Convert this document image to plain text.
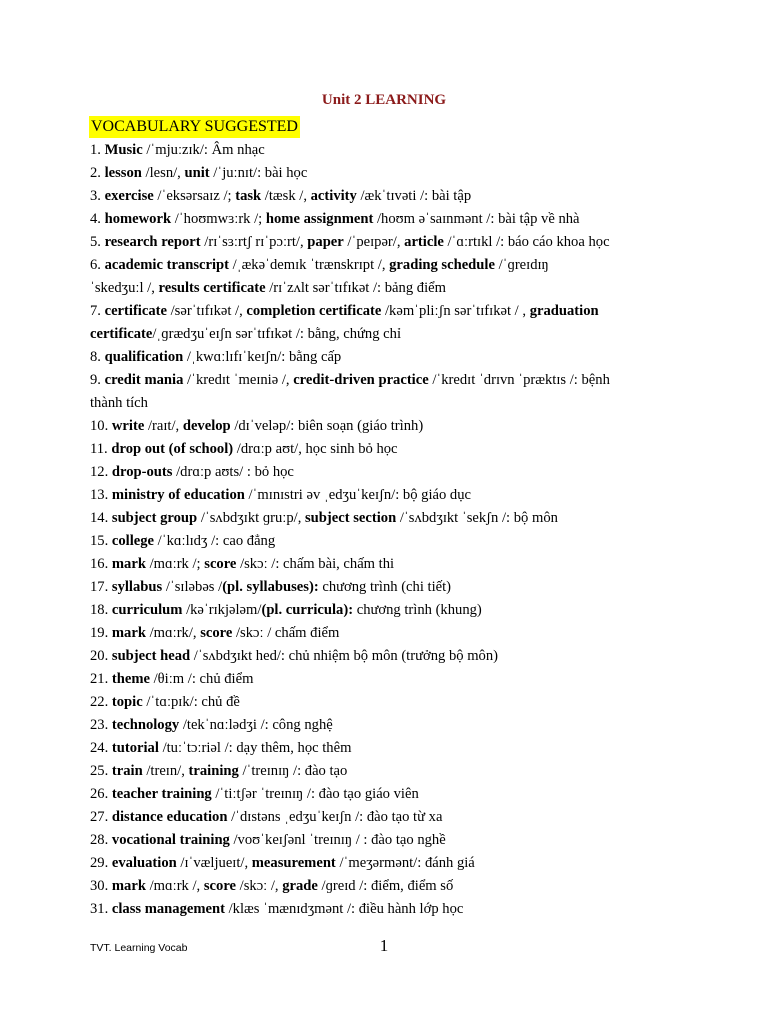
Unit 2 LEARNING
VOCABULARY SUGGESTED
1. Music /ˈmjuːzɪk/: Âm nhạc
2. lesson /lesn/, unit /ˈjuːnɪt/: bài học
3. exercise /ˈeksərsaɪz /; task /tæsk /, activity /ækˈtɪvəti /: bài tập
4. homework /ˈhoʊmwɜːrk /; home assignment /hoʊm əˈsaɪnmənt /: bài tập về nhà
5. research report /rɪˈsɜːrtʃ rɪˈpɔːrt/, paper /ˈpeɪpər/, article /ˈɑːrtɪkl /: báo cáo khoa học
6. academic transcript /ˌækəˈdemɪk ˈtrænskrɪpt /, grading schedule /ˈɡreɪdɪŋ
ˈskedʒuːl /, results certificate /rɪˈzʌlt sərˈtɪfɪkət /: bảng điểm
7. certificate /sərˈtɪfɪkət /, completion certificate /kəmˈpliːʃn sərˈtɪfɪkət / , graduation
certificate/ˌɡrædʒuˈeɪʃn sərˈtɪfɪkət /: bằng, chứng chỉ
8. qualification /ˌkwɑːlɪfɪˈkeɪʃn/: bằng cấp
9. credit mania /ˈkredɪt ˈmeɪniə /, credit-driven practice /ˈkredɪt ˈdrɪvn ˈpræktɪs /: bệnh
thành tích
10. write /raɪt/, develop /dɪˈveləp/: biên soạn (giáo trình)
11. drop out (of school) /drɑːp aʊt/, học sinh bỏ học
12. drop-outs /drɑːp aʊts/ : bỏ học
13. ministry of education /ˈmɪnɪstri əv ˌedʒuˈkeɪʃn/: bộ giáo dục
14. subject group /ˈsʌbdʒɪkt ɡruːp/, subject section /ˈsʌbdʒɪkt ˈsekʃn /: bộ môn
15. college /ˈkɑːlɪdʒ /: cao đẳng
16. mark /mɑːrk /; score /skɔː /: chấm bài, chấm thi
17. syllabus /ˈsɪləbəs /(pl. syllabuses): chương trình (chi tiết)
18. curriculum /kəˈrɪkjələm/(pl. curricula): chương trình (khung)
19. mark /mɑːrk/, score /skɔː / chấm điểm
20. subject head /ˈsʌbdʒɪkt hed/: chủ nhiệm bộ môn (trưởng bộ môn)
21. theme /θiːm /: chủ điểm
22. topic /ˈtɑːpɪk/: chủ đề
23. technology /tekˈnɑːlədʒi /: công nghệ
24. tutorial /tuːˈtɔːriəl /: dạy thêm, học thêm
25. train /treɪn/, training /ˈtreɪnɪŋ /: đào tạo
26. teacher training /ˈtiːtʃər ˈtreɪnɪŋ /: đào tạo giáo viên
27. distance education /ˈdɪstəns ˌedʒuˈkeɪʃn /: đào tạo từ xa
28. vocational training /voʊˈkeɪʃənl ˈtreɪnɪŋ / : đào tạo nghề
29. evaluation /ɪˈvæljueɪt/, measurement /ˈmeʒərmənt/: đánh giá
30. mark /mɑːrk /, score /skɔː /, grade /ɡreɪd /: điểm, điểm số
31. class management /klæs ˈmænɪdʒmənt /: điều hành lớp học
TVT. Learning Vocab	1
